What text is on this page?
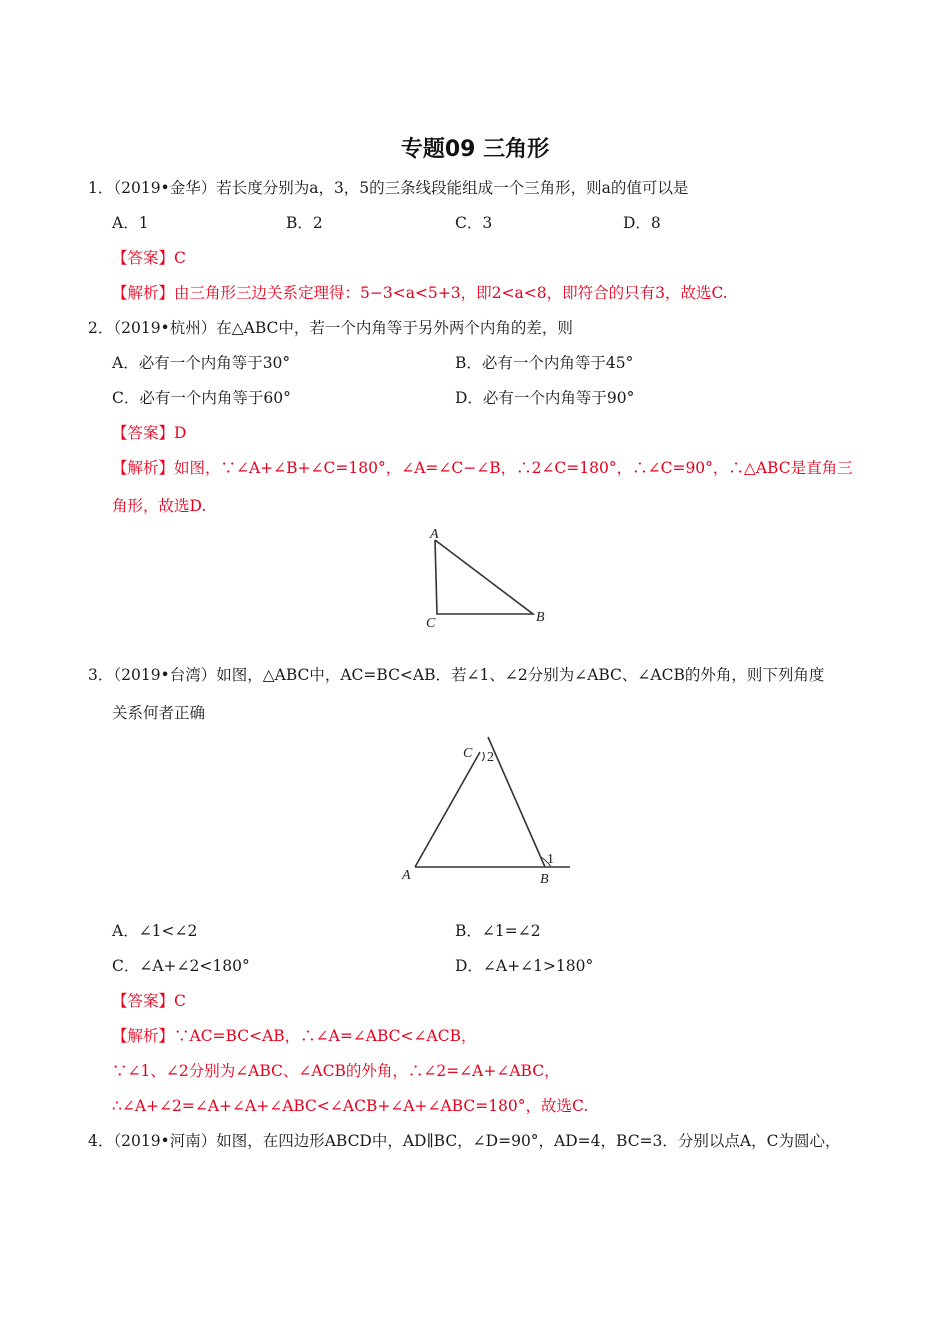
专题09 三角形
1．（2019•金华）若长度分别为a，3，5的三条线段能组成一个三角形，则a的值可以是
A．1	B．2	C．3	D．8
【答案】C
【解析】由三角形三边关系定理得：5−3<a<5+3，即2<a<8，即符合的只有3，故选C.
2．（2019•杭州）在△ABC中，若一个内角等于另外两个内角的差，则
A．必有一个内角等于30°	B．必有一个内角等于45°
C．必有一个内角等于60°	D．必有一个内角等于90°
【答案】D
【解析】如图，∵∠A+∠B+∠C=180°，∠A=∠C−∠B，∴2∠C=180°，∴∠C=90°，∴△ABC是直角三
角形，故选D.
A
B
C
3．（2019•台湾）如图，△ABC中，AC=BC<AB．若∠1、∠2分别为∠ABC、∠ACB的外角，则下列角度
关系何者正确
C 2
A	B
1
A．∠1<∠2	B．∠1=∠2
C．∠A+∠2<180°	D．∠A+∠1>180°
【答案】C
【解析】∵AC=BC<AB，∴∠A=∠ABC<∠ACB，
∵∠1、∠2分别为∠ABC、∠ACB的外角，∴∠2=∠A+∠ABC，
∴∠A+∠2=∠A+∠A+∠ABC<∠ACB+∠A+∠ABC=180°，故选C.
4．（2019•河南）如图，在四边形ABCD中，AD∥BC，∠D=90°，AD=4，BC=3．分别以点A，C为圆心，
